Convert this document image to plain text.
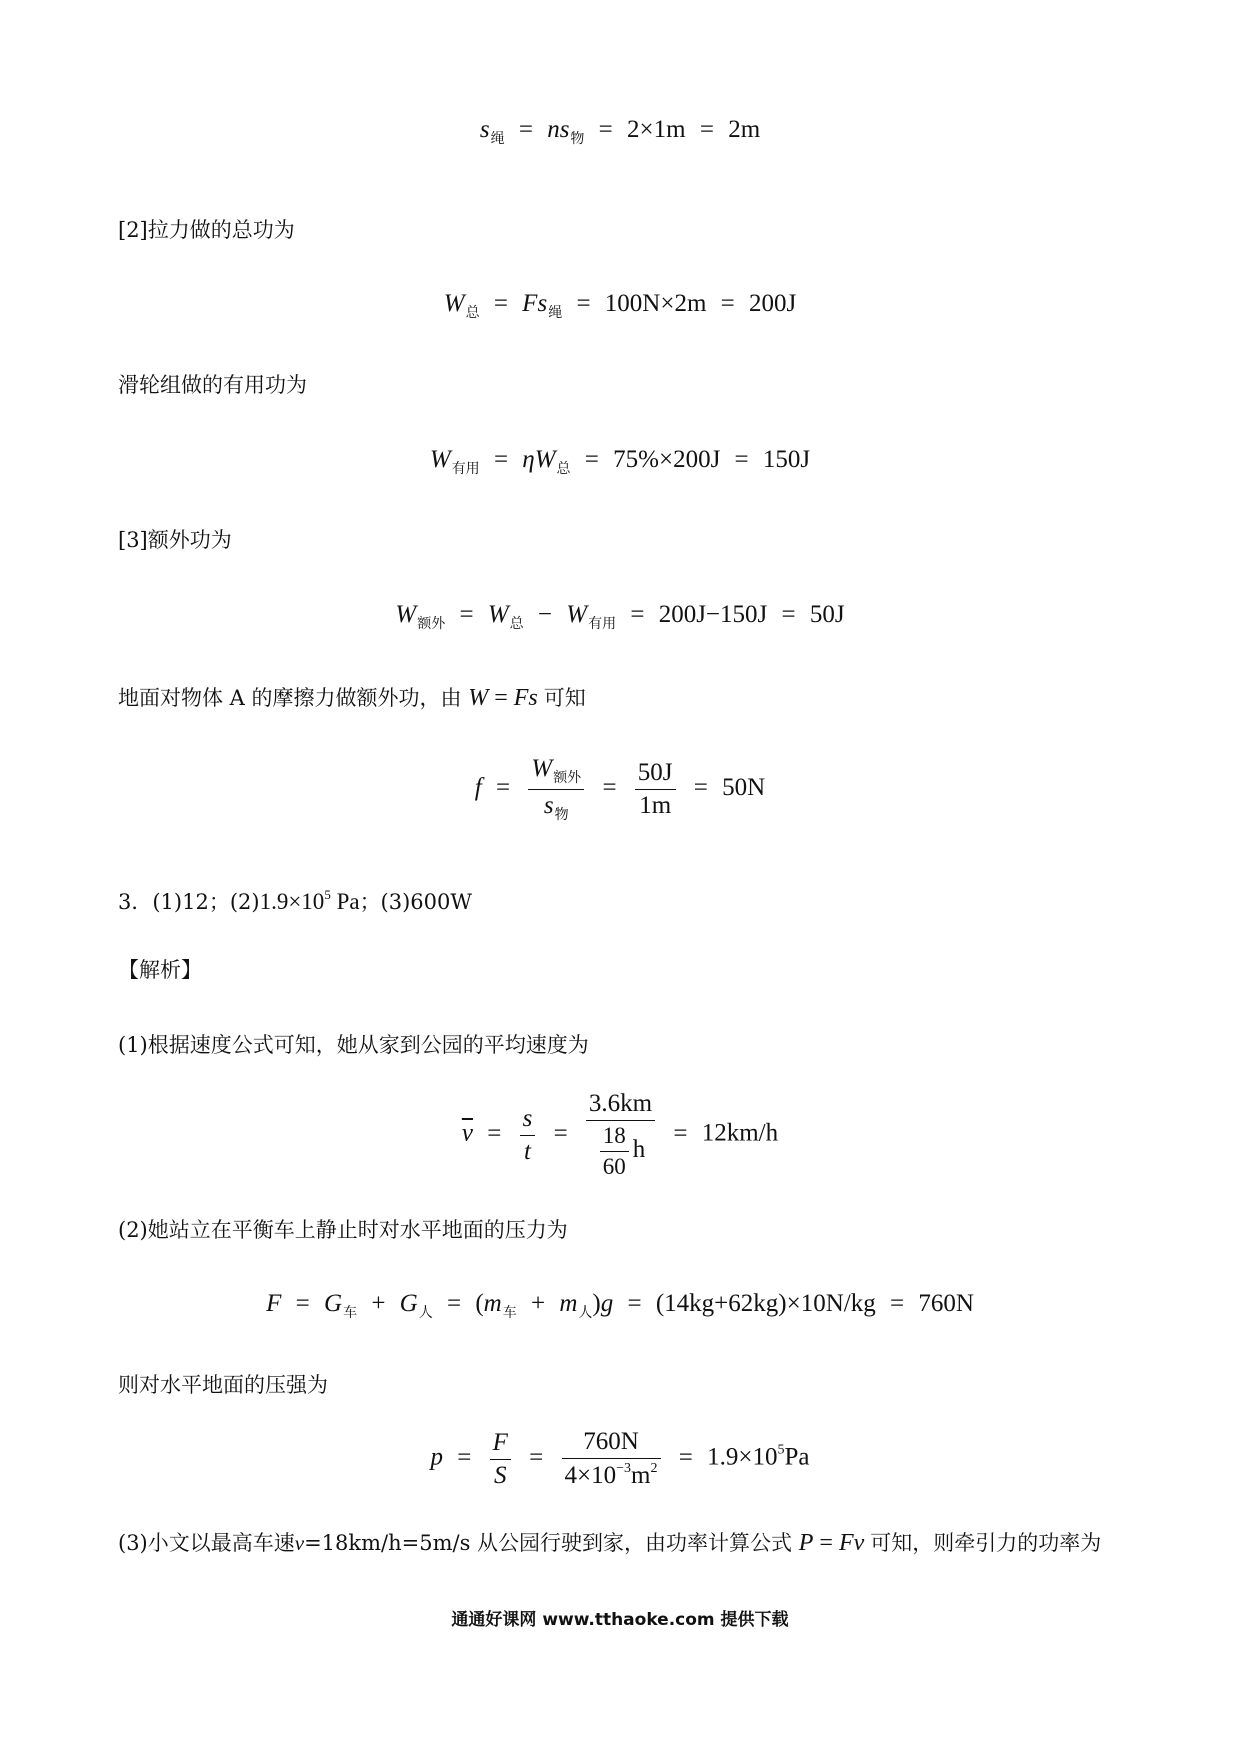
$s_绳 = ns_物 = 2\times 1m = 2m$
[2]拉力做的总功为
$W_总 = Fs_绳 = 100N\times 2m = 200J$
滑轮组做的有用功为
$W_{有用} = \eta W_总 = 75\%\times 200J = 150J$
[3]额外功为
$W_{额外} = W_总 - W_{有用} = 200J-150J = 50J$
地面对物体 A 的摩擦力做额外功，由 W = Fs 可知
$f = \frac{W_{额外}}{s_物} = \frac{50J}{1m} = 50N$
3．(1)12；$(2)1.9\times 10^5$ Pa；(3)600W
【解析】
(1)根据速度公式可知，她从家到公园的平均速度为
$\overline{v} = \frac{s}{t} = \frac{3.6km}{\frac{18}{60} h} = 12km/h$
(2)她站立在平衡车上静止时对水平地面的压力为
$F = G_车 + G_人 = (m_车 + m_人)g = (14kg+62kg)\times 10N/kg = 760N$
则对水平地面的压强为
$p = \frac{F}{S} = \frac{760N}{4\times 10^{-3}m^2} = 1.9\times 10^5Pa$
(3)小文以最高车速v=18km/h=5m/s 从公园行驶到家，由功率计算公式 P = Fv 可知，则牵引力的功率为
通通好课网 www.tthaoke.com 提供下载
